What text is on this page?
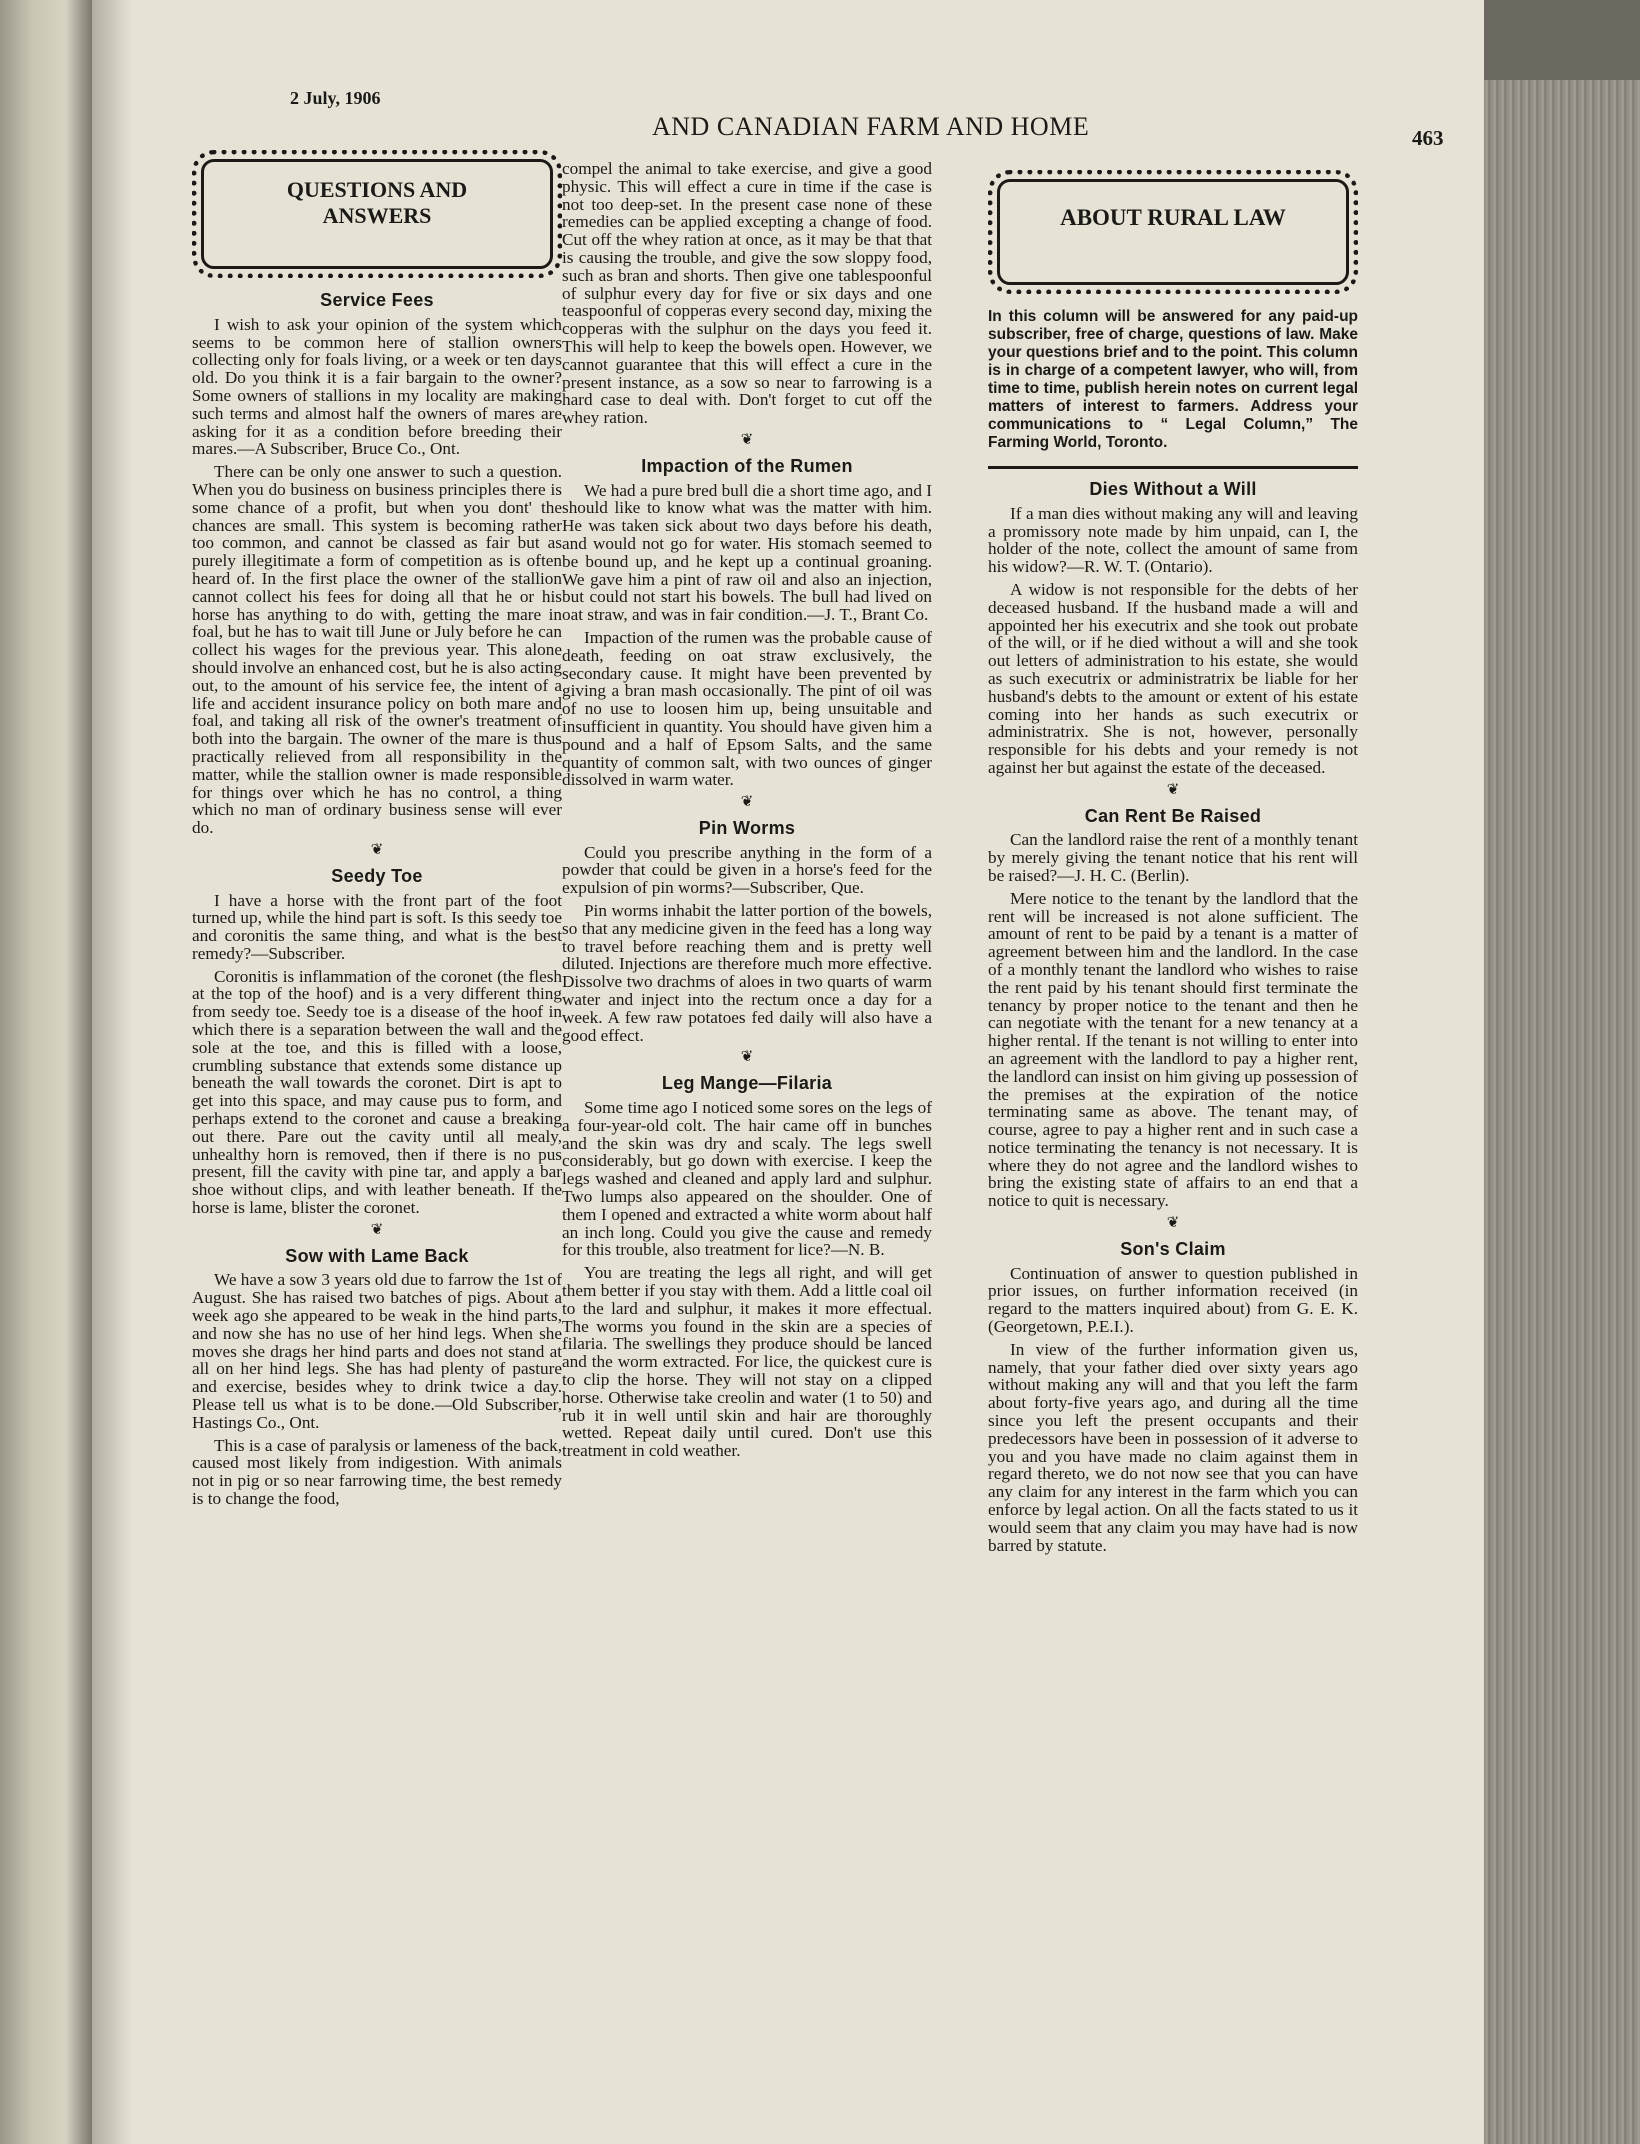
2 July, 1906
AND CANADIAN FARM AND HOME	463
QUESTIONS AND
ANSWERS
Service Fees

I wish to ask your opinion of the system which seems to be common here of stallion owners collecting only for foals living, or a week or ten days old. Do you think it is a fair bargain to the owner? Some owners of stallions in my locality are making such terms and almost half the owners of mares are asking for it as a condition before breeding their mares.—A Subscriber, Bruce Co., Ont.

There can be only one answer to such a question. When you do business on business principles there is some chance of a profit, but when you dont' the chances are small. This system is becoming rather too common, and cannot be classed as fair but as purely illegitimate a form of competition as is often heard of. In the first place the owner of the stallion cannot collect his fees for doing all that he or his horse has anything to do with, getting the mare in foal, but he has to wait till June or July before he can collect his wages for the previous year. This alone should involve an enhanced cost, but he is also acting out, to the amount of his service fee, the intent of a life and accident insurance policy on both mare and foal, and taking all risk of the owner's treatment of both into the bargain. The owner of the mare is thus practically relieved from all responsibility in the matter, while the stallion owner is made responsible for things over which he has no control, a thing which no man of ordinary business sense will ever do.

❦
Seedy Toe

I have a horse with the front part of the foot turned up, while the hind part is soft. Is this seedy toe and coronitis the same thing, and what is the best remedy?—Subscriber.

Coronitis is inflammation of the coronet (the flesh at the top of the hoof) and is a very different thing from seedy toe. Seedy toe is a disease of the hoof in which there is a separation between the wall and the sole at the toe, and this is filled with a loose, crumbling substance that extends some distance up beneath the wall towards the coronet. Dirt is apt to get into this space, and may cause pus to form, and perhaps extend to the coronet and cause a breaking out there. Pare out the cavity until all mealy, unhealthy horn is removed, then if there is no pus present, fill the cavity with pine tar, and apply a bar shoe without clips, and with leather beneath. If the horse is lame, blister the coronet.

❦
Sow with Lame Back

We have a sow 3 years old due to farrow the 1st of August. She has raised two batches of pigs. About a week ago she appeared to be weak in the hind parts, and now she has no use of her hind legs. When she moves she drags her hind parts and does not stand at all on her hind legs. She has had plenty of pasture and exercise, besides whey to drink twice a day. Please tell us what is to be done.—Old Subscriber, Hastings Co., Ont.

This is a case of paralysis or lameness of the back, caused most likely from indigestion. With animals not in pig or so near farrowing time, the best remedy is to change the food,

compel the animal to take exercise, and give a good physic. This will effect a cure in time if the case is not too deep-set. In the present case none of these remedies can be applied excepting a change of food. Cut off the whey ration at once, as it may be that that is causing the trouble, and give the sow sloppy food, such as bran and shorts. Then give one tablespoonful of sulphur every day for five or six days and one teaspoonful of copperas every second day, mixing the copperas with the sulphur on the days you feed it. This will help to keep the bowels open. However, we cannot guarantee that this will effect a cure in the present instance, as a sow so near to farrowing is a hard case to deal with. Don't forget to cut off the whey ration.

❦
Impaction of the Rumen

We had a pure bred bull die a short time ago, and I should like to know what was the matter with him. He was taken sick about two days before his death, and would not go for water. His stomach seemed to be bound up, and he kept up a continual groaning. We gave him a pint of raw oil and also an injection, but could not start his bowels. The bull had lived on oat straw, and was in fair condition.—J. T., Brant Co.

Impaction of the rumen was the probable cause of death, feeding on oat straw exclusively, the secondary cause. It might have been prevented by giving a bran mash occasionally. The pint of oil was of no use to loosen him up, being unsuitable and insufficient in quantity. You should have given him a pound and a half of Epsom Salts, and the same quantity of common salt, with two ounces of ginger dissolved in warm water.

❦
Pin Worms

Could you prescribe anything in the form of a powder that could be given in a horse's feed for the expulsion of pin worms?—Subscriber, Que.

Pin worms inhabit the latter portion of the bowels, so that any medicine given in the feed has a long way to travel before reaching them and is pretty well diluted. Injections are therefore much more effective. Dissolve two drachms of aloes in two quarts of warm water and inject into the rectum once a day for a week. A few raw potatoes fed daily will also have a good effect.

❦
Leg Mange—Filaria

Some time ago I noticed some sores on the legs of a four-year-old colt. The hair came off in bunches and the skin was dry and scaly. The legs swell considerably, but go down with exercise. I keep the legs washed and cleaned and apply lard and sulphur. Two lumps also appeared on the shoulder. One of them I opened and extracted a white worm about half an inch long. Could you give the cause and remedy for this trouble, also treatment for lice?—N. B.

You are treating the legs all right, and will get them better if you stay with them. Add a little coal oil to the lard and sulphur, it makes it more effectual. The worms you found in the skin are a species of filaria. The swellings they produce should be lanced and the worm extracted. For lice, the quickest cure is to clip the horse. They will not stay on a clipped horse. Otherwise take creolin and water (1 to 50) and rub it in well until skin and hair are thoroughly wetted. Repeat daily until cured. Don't use this treatment in cold weather.

ABOUT RURAL LAW

In this column will be answered for any paid-up subscriber, free of charge, questions of law. Make your questions brief and to the point. This column is in charge of a competent lawyer, who will, from time to time, publish herein notes on current legal matters of interest to farmers. Address your communications to “ Legal Column,” The Farming World, Toronto.

Dies Without a Will

If a man dies without making any will and leaving a promissory note made by him unpaid, can I, the holder of the note, collect the amount of same from his widow?—R. W. T. (Ontario).

A widow is not responsible for the debts of her deceased husband. If the husband made a will and appointed her his executrix and she took out probate of the will, or if he died without a will and she took out letters of administration to his estate, she would as such executrix or administratrix be liable for her husband's debts to the amount or extent of his estate coming into her hands as such executrix or administratrix. She is not, however, personally responsible for his debts and your remedy is not against her but against the estate of the deceased.

❦
Can Rent Be Raised

Can the landlord raise the rent of a monthly tenant by merely giving the tenant notice that his rent will be raised?—J. H. C. (Berlin).

Mere notice to the tenant by the landlord that the rent will be increased is not alone sufficient. The amount of rent to be paid by a tenant is a matter of agreement between him and the landlord. In the case of a monthly tenant the landlord who wishes to raise the rent paid by his tenant should first terminate the tenancy by proper notice to the tenant and then he can negotiate with the tenant for a new tenancy at a higher rental. If the tenant is not willing to enter into an agreement with the landlord to pay a higher rent, the landlord can insist on him giving up possession of the premises at the expiration of the notice terminating same as above. The tenant may, of course, agree to pay a higher rent and in such case a notice terminating the tenancy is not necessary. It is where they do not agree and the landlord wishes to bring the existing state of affairs to an end that a notice to quit is necessary.

❦
Son's Claim

Continuation of answer to question published in prior issues, on further information received (in regard to the matters inquired about) from G. E. K. (Georgetown, P.E.I.).

In view of the further information given us, namely, that your father died over sixty years ago without making any will and that you left the farm about forty-five years ago, and during all the time since you left the present occupants and their predecessors have been in possession of it adverse to you and you have made no claim against them in regard thereto, we do not now see that you can have any claim for any interest in the farm which you can enforce by legal action. On all the facts stated to us it would seem that any claim you may have had is now barred by statute.
